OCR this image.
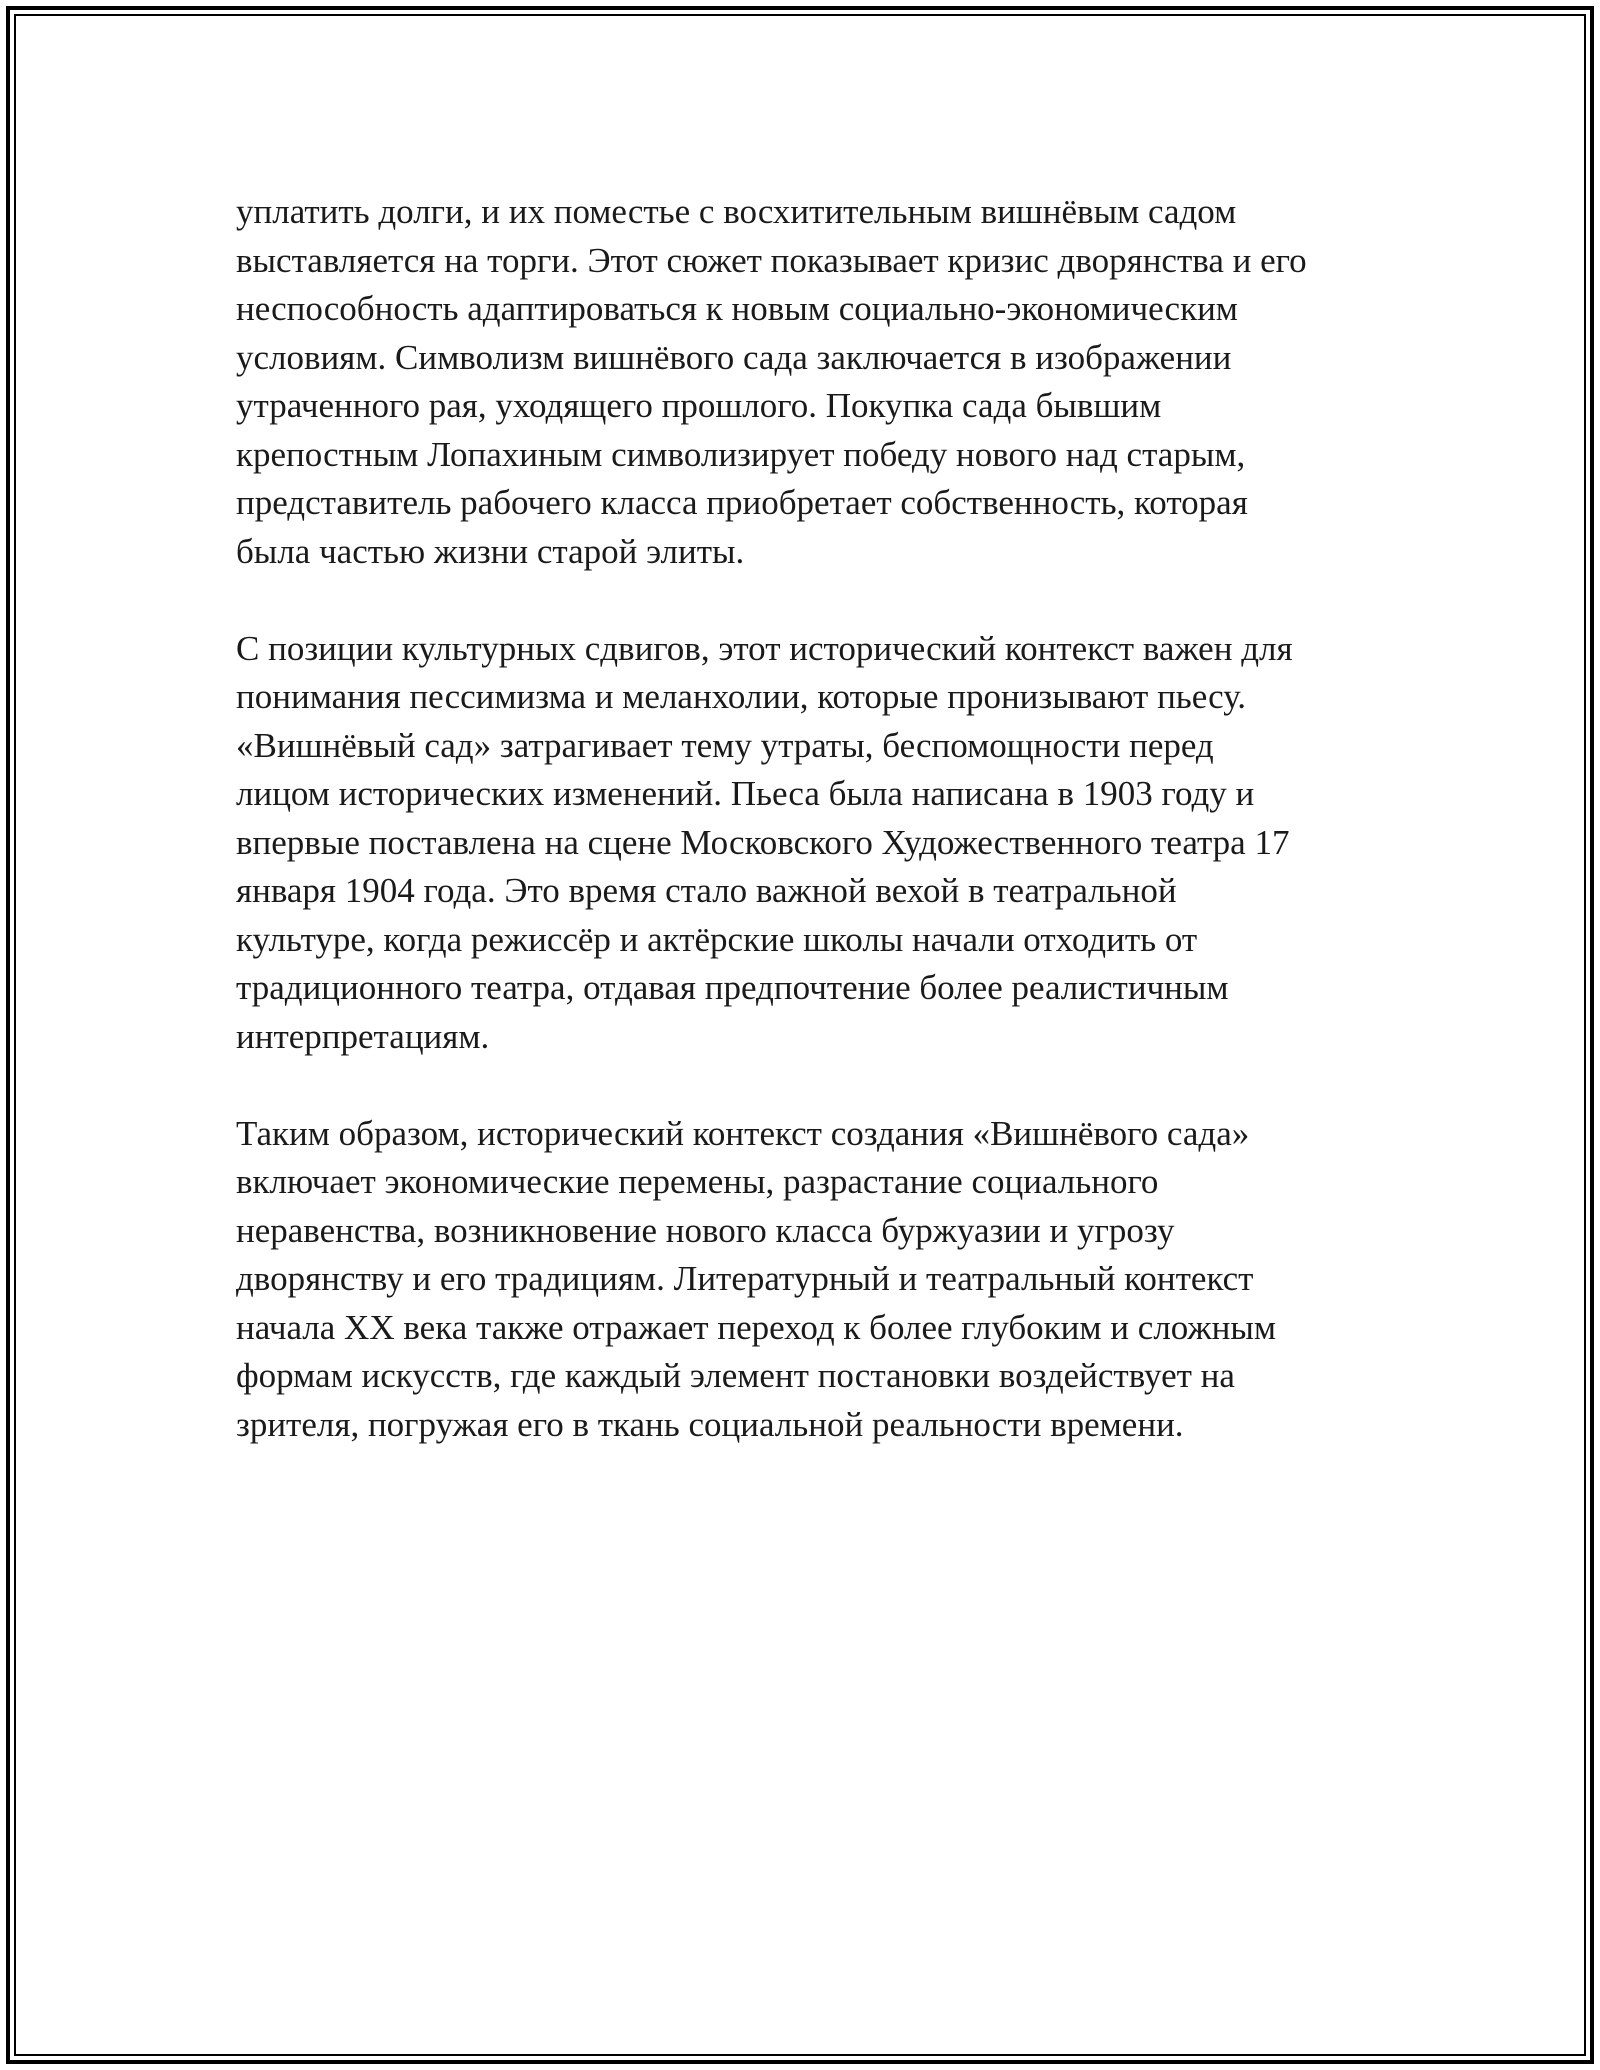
уплатить долги, и их поместье с восхитительным вишнёвым садом
выставляется на торги. Этот сюжет показывает кризис дворянства и его
неспособность адаптироваться к новым социально-экономическим
условиям. Символизм вишнёвого сада заключается в изображении
утраченного рая, уходящего прошлого. Покупка сада бывшим
крепостным Лопахиным символизирует победу нового над старым,
представитель рабочего класса приобретает собственность, которая
была частью жизни старой элиты.
С позиции культурных сдвигов, этот исторический контекст важен для
понимания пессимизма и меланхолии, которые пронизывают пьесу.
«Вишнёвый сад» затрагивает тему утраты, беспомощности перед
лицом исторических изменений. Пьеса была написана в 1903 году и
впервые поставлена на сцене Московского Художественного театра 17
января 1904 года. Это время стало важной вехой в театральной
культуре, когда режиссёр и актёрские школы начали отходить от
традиционного театра, отдавая предпочтение более реалистичным
интерпретациям.
Таким образом, исторический контекст создания «Вишнёвого сада»
включает экономические перемены, разрастание социального
неравенства, возникновение нового класса буржуазии и угрозу
дворянству и его традициям. Литературный и театральный контекст
начала XX века также отражает переход к более глубоким и сложным
формам искусств, где каждый элемент постановки воздействует на
зрителя, погружая его в ткань социальной реальности времени.
